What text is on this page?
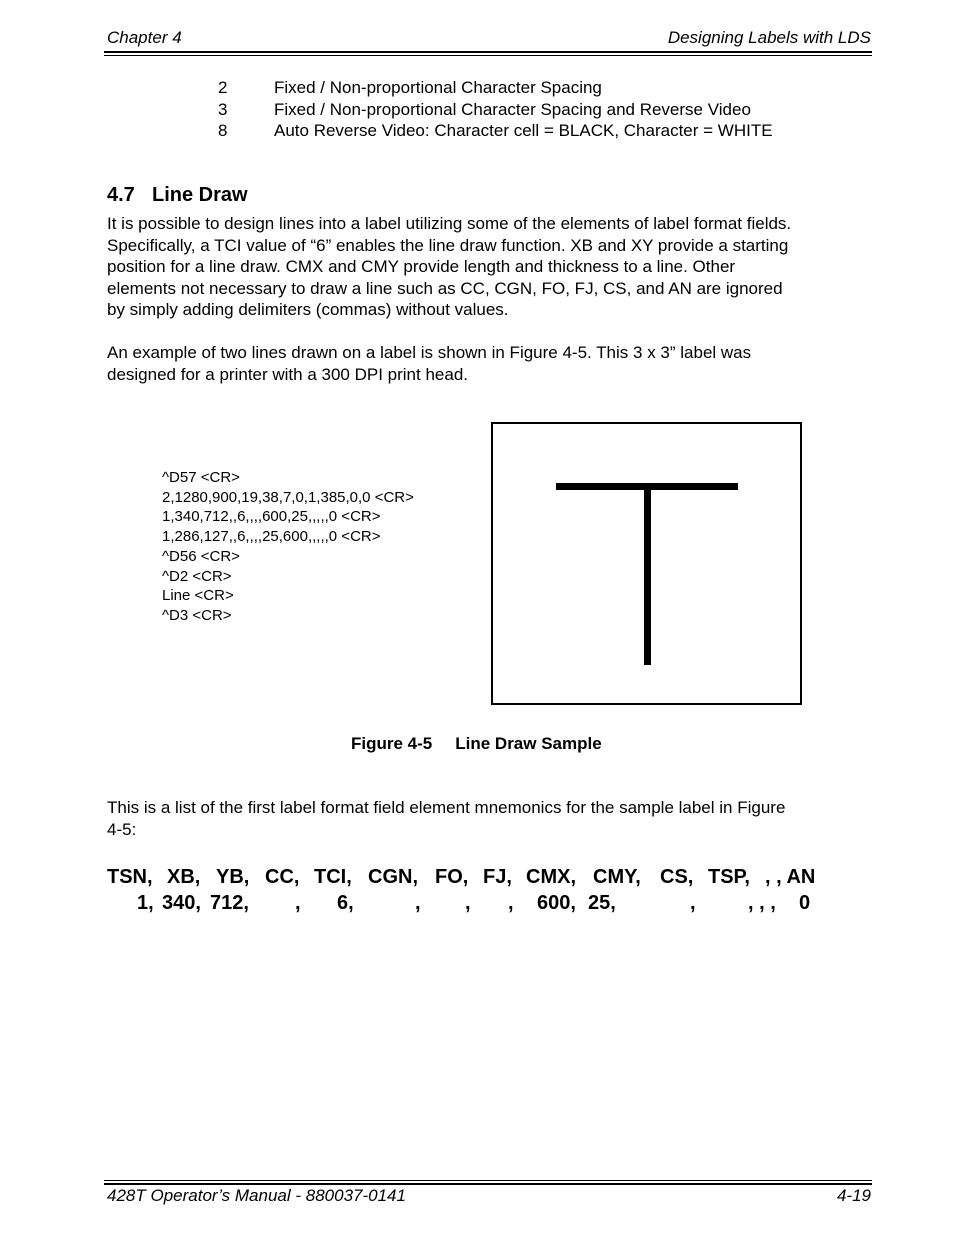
Chapter 4	Designing Labels with LDS
2	Fixed / Non-proportional Character Spacing
3	Fixed / Non-proportional Character Spacing and Reverse Video
8	Auto Reverse Video: Character cell = BLACK, Character = WHITE
4.7 Line Draw
It is possible to design lines into a label utilizing some of the elements of label format fields.
Specifically, a TCI value of “6” enables the line draw function. XB and XY provide a starting
position for a line draw. CMX and CMY provide length and thickness to a line. Other
elements not necessary to draw a line such as CC, CGN, FO, FJ, CS, and AN are ignored
by simply adding delimiters (commas) without values.
An example of two lines drawn on a label is shown in Figure 4-5. This 3 x 3” label was
designed for a printer with a 300 DPI print head.
^D57 <CR>
2,1280,900,19,38,7,0,1,385,0,0 <CR>
1,340,712,,6,,,,600,25,,,,,0 <CR>
1,286,127,,6,,,,25,600,,,,,0 <CR>
^D56 <CR>
^D2 <CR>
Line <CR>
^D3 <CR>
Figure 4-5 Line Draw Sample
This is a list of the first label format field element mnemonics for the sample label in Figure
4-5:
TSN, XB, YB, CC, TCI, CGN, FO, FJ, CMX, CMY, CS, TSP, , , AN
1, 340, 712, , 6,	, , , 600, 25,	,	, , , 0
428T Operator’s Manual - 880037-0141	4-19
